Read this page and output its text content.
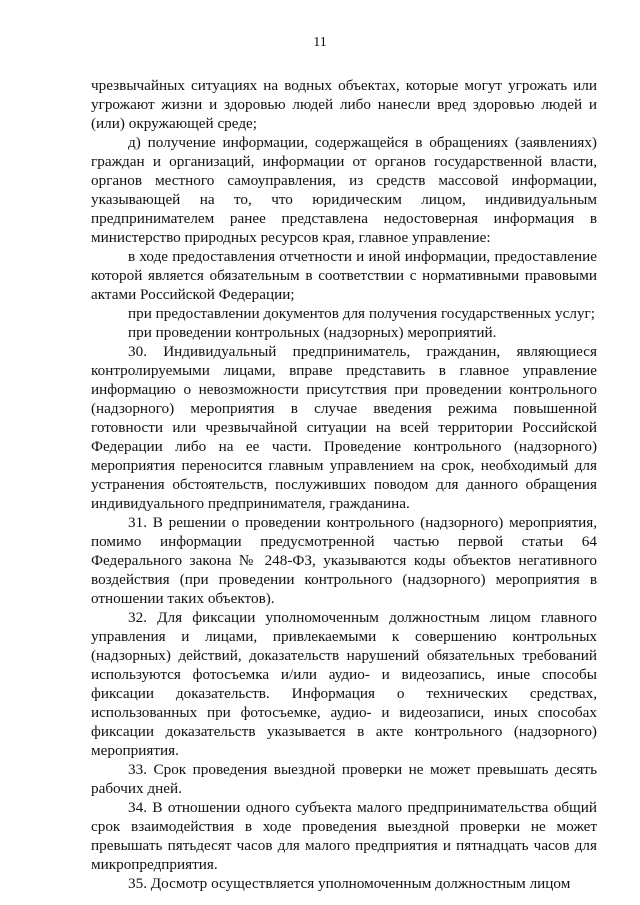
11

чрезвычайных ситуациях на водных объектах, которые могут угрожать или угрожают жизни и здоровью людей либо нанесли вред здоровью людей и (или) окружающей среде;

д) получение информации, содержащейся в обращениях (заявлениях) граждан и организаций, информации от органов государственной власти, органов местного самоуправления, из средств массовой информации, указывающей на то, что юридическим лицом, индивидуальным предпринимателем ранее представлена недостоверная информация в министерство природных ресурсов края, главное управление:

в ходе предоставления отчетности и иной информации, предоставление которой является обязательным в соответствии с нормативными правовыми актами Российской Федерации;

при предоставлении документов для получения государственных услуг;

при проведении контрольных (надзорных) мероприятий.

30. Индивидуальный предприниматель, гражданин, являющиеся контролируемыми лицами, вправе представить в главное управление информацию о невозможности присутствия при проведении контрольного (надзорного) мероприятия в случае введения режима повышенной готовности или чрезвычайной ситуации на всей территории Российской Федерации либо на ее части. Проведение контрольного (надзорного) мероприятия переносится главным управлением на срок, необходимый для устранения обстоятельств, послуживших поводом для данного обращения индивидуального предпринимателя, гражданина.

31. В решении о проведении контрольного (надзорного) мероприятия, помимо информации предусмотренной частью первой статьи 64 Федерального закона № 248-ФЗ, указываются коды объектов негативного воздействия (при проведении контрольного (надзорного) мероприятия в отношении таких объектов).

32. Для фиксации уполномоченным должностным лицом главного управления и лицами, привлекаемыми к совершению контрольных (надзорных) действий, доказательств нарушений обязательных требований используются фотосъемка и/или аудио- и видеозапись, иные способы фиксации доказательств. Информация о технических средствах, использованных при фотосъемке, аудио- и видеозаписи, иных способах фиксации доказательств указывается в акте контрольного (надзорного) мероприятия.

33. Срок проведения выездной проверки не может превышать десять рабочих дней.

34. В отношении одного субъекта малого предпринимательства общий срок взаимодействия в ходе проведения выездной проверки не может превышать пятьдесят часов для малого предприятия и пятнадцать часов для микропредприятия.

35. Досмотр осуществляется уполномоченным должностным лицом
